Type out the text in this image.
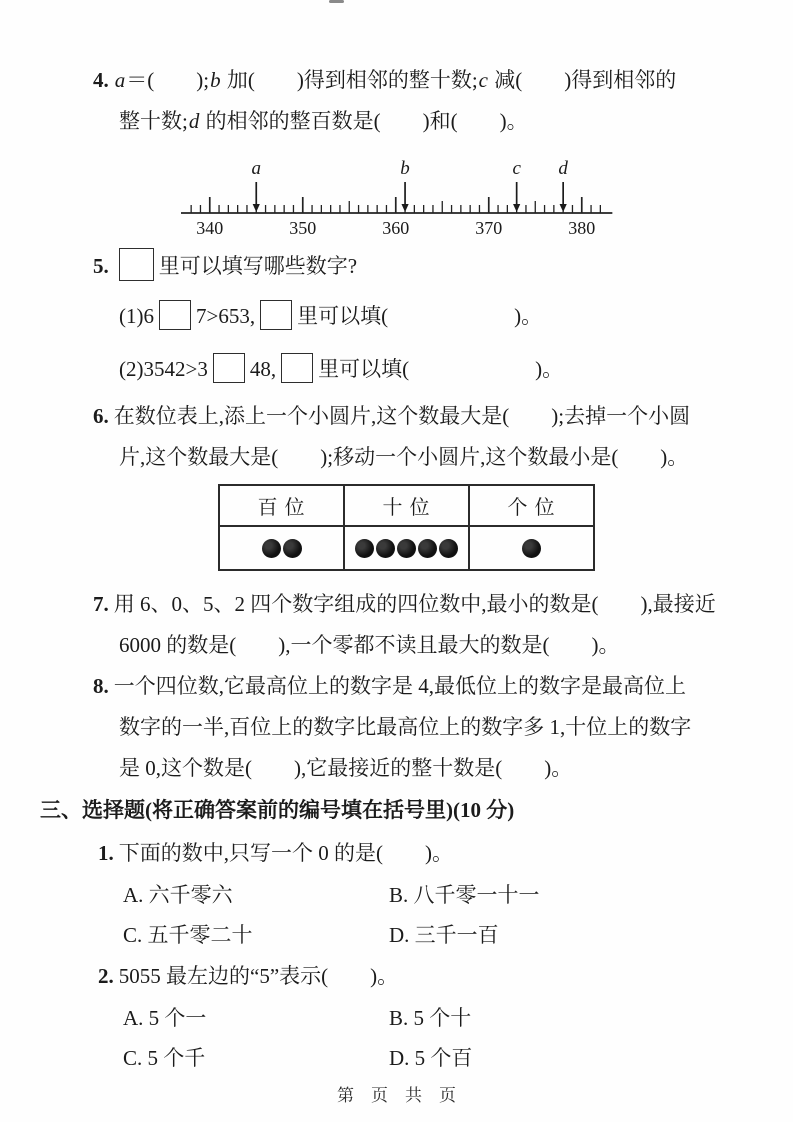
4. a＝(　　);b 加(　　)得到相邻的整十数;c 减(　　)得到相邻的
整十数;d 的相邻的整百数是(　　)和(　　)。
340	350	360	370	380
a	b	c d
5. 里可以填写哪些数字?
(1)6 7>653, 里可以填(　　　　　　)。
(2)3542>3 48, 里可以填(　　　　　　)。
6. 在数位表上,添上一个小圆片,这个数最大是(　　);去掉一个小圆
片,这个数最大是(　　);移动一个小圆片,这个数最小是(　　)。
百位	十位	个位

7. 用 6、0、5、2 四个数字组成的四位数中,最小的数是(　　),最接近
6000 的数是(　　),一个零都不读且最大的数是(　　)。
8. 一个四位数,它最高位上的数字是 4,最低位上的数字是最高位上
数字的一半,百位上的数字比最高位上的数字多 1,十位上的数字
是 0,这个数是(　　),它最接近的整十数是(　　)。
三、选择题(将正确答案前的编号填在括号里)(10 分)
1. 下面的数中,只写一个 0 的是(　　)。
A. 六千零六	B. 八千零一十一
C. 五千零二十	D. 三千一百
2. 5055 最左边的“5”表示(　　)。
A. 5 个一	B. 5 个十
C. 5 个千	D. 5 个百
第　页　共　页
